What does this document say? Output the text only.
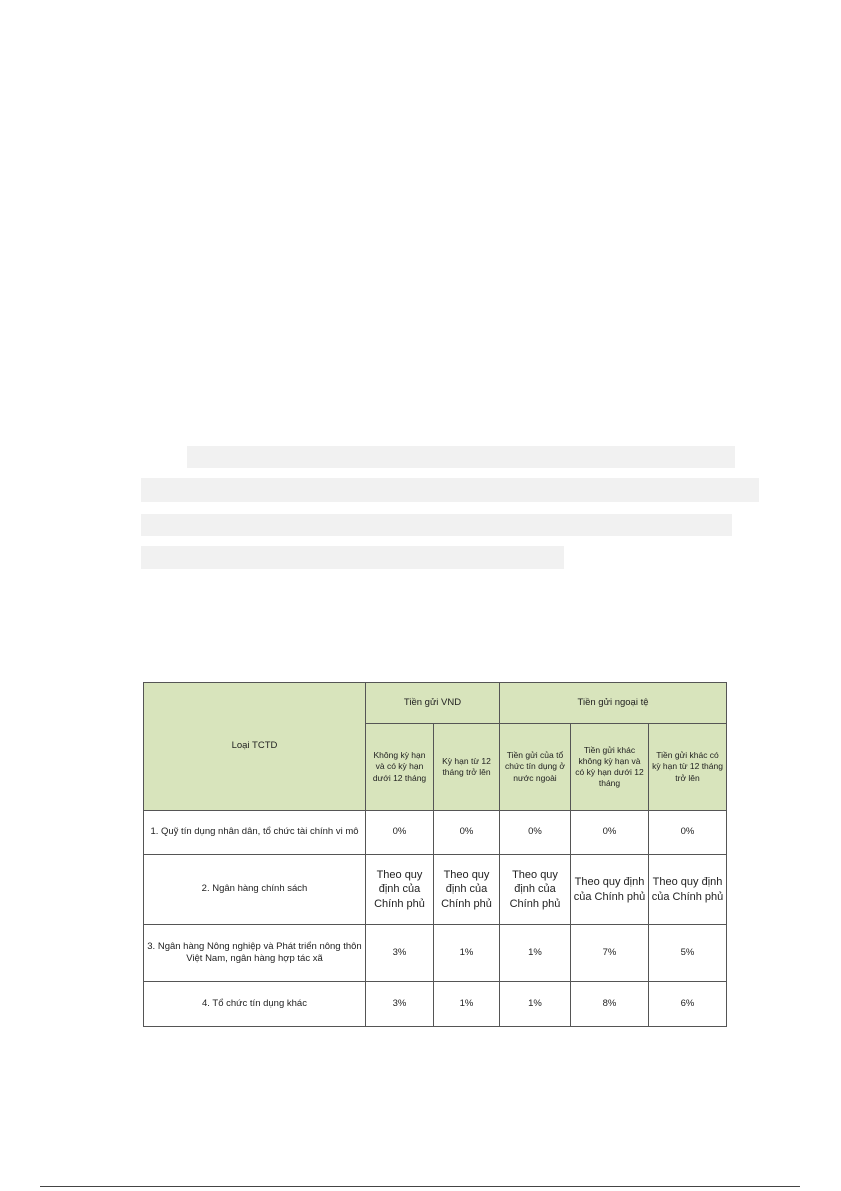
Loại TCTD	Tiền gửi VND		Tiền gửi ngoại tệ		
	Không kỳ hạn và có kỳ hạn dưới 12 tháng	Kỳ hạn từ 12 tháng trở lên	Tiền gửi của tổ chức tín dụng ở nước ngoài	Tiền gửi khác không kỳ hạn và có kỳ hạn dưới 12 tháng	Tiền gửi khác có kỳ hạn từ 12 tháng trở lên
1. Quỹ tín dụng nhân dân, tổ chức tài chính vi mô	0%	0%	0%	0%	0%
2. Ngân hàng chính sách	Theo quy định của Chính phủ	Theo quy định của Chính phủ	Theo quy định của Chính phủ	Theo quy định của Chính phủ	Theo quy định của Chính phủ
3. Ngân hàng Nông nghiệp và Phát triển nông thôn Việt Nam, ngân hàng hợp tác xã	3%	1%	1%	7%	5%
4. Tổ chức tín dụng khác	3%	1%	1%	8%	6%
